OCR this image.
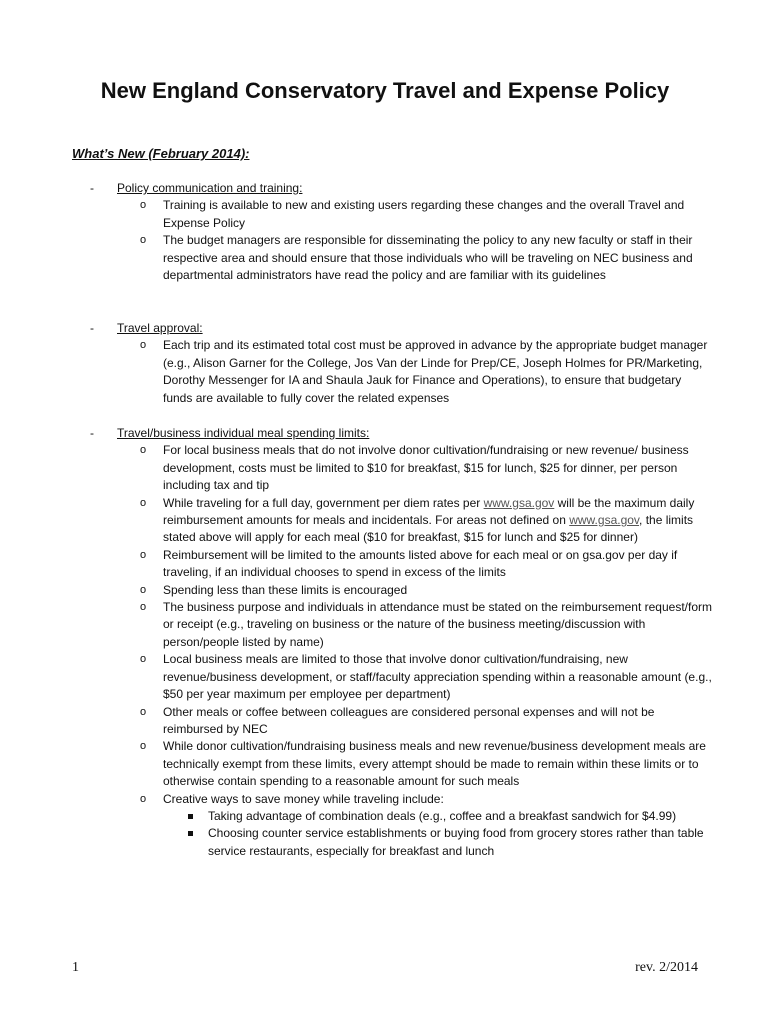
New England Conservatory Travel and Expense Policy
What’s New (February 2014):
- Policy communication and training:
o Training is available to new and existing users regarding these changes and the overall Travel and Expense Policy
o The budget managers are responsible for disseminating the policy to any new faculty or staff in their respective area and should ensure that those individuals who will be traveling on NEC business and departmental administrators have read the policy and are familiar with its guidelines
- Travel approval:
o Each trip and its estimated total cost must be approved in advance by the appropriate budget manager (e.g., Alison Garner for the College, Jos Van der Linde for Prep/CE, Joseph Holmes for PR/Marketing, Dorothy Messenger for IA and Shaula Jauk for Finance and Operations), to ensure that budgetary funds are available to fully cover the related expenses
- Travel/business individual meal spending limits:
o For local business meals that do not involve donor cultivation/fundraising or new revenue/ business development, costs must be limited to $10 for breakfast, $15 for lunch, $25 for dinner, per person including tax and tip
o While traveling for a full day, government per diem rates per www.gsa.gov will be the maximum daily reimbursement amounts for meals and incidentals. For areas not defined on www.gsa.gov, the limits stated above will apply for each meal ($10 for breakfast, $15 for lunch and $25 for dinner)
o Reimbursement will be limited to the amounts listed above for each meal or on gsa.gov per day if traveling, if an individual chooses to spend in excess of the limits
o Spending less than these limits is encouraged
o The business purpose and individuals in attendance must be stated on the reimbursement request/form or receipt (e.g., traveling on business or the nature of the business meeting/discussion with person/people listed by name)
o Local business meals are limited to those that involve donor cultivation/fundraising, new revenue/business development, or staff/faculty appreciation spending within a reasonable amount (e.g., $50 per year maximum per employee per department)
o Other meals or coffee between colleagues are considered personal expenses and will not be reimbursed by NEC
o While donor cultivation/fundraising business meals and new revenue/business development meals are technically exempt from these limits, every attempt should be made to remain within these limits or to otherwise contain spending to a reasonable amount for such meals
o Creative ways to save money while traveling include:
Taking advantage of combination deals (e.g., coffee and a breakfast sandwich for $4.99)
Choosing counter service establishments or buying food from grocery stores rather than table service restaurants, especially for breakfast and lunch
1	rev. 2/2014
